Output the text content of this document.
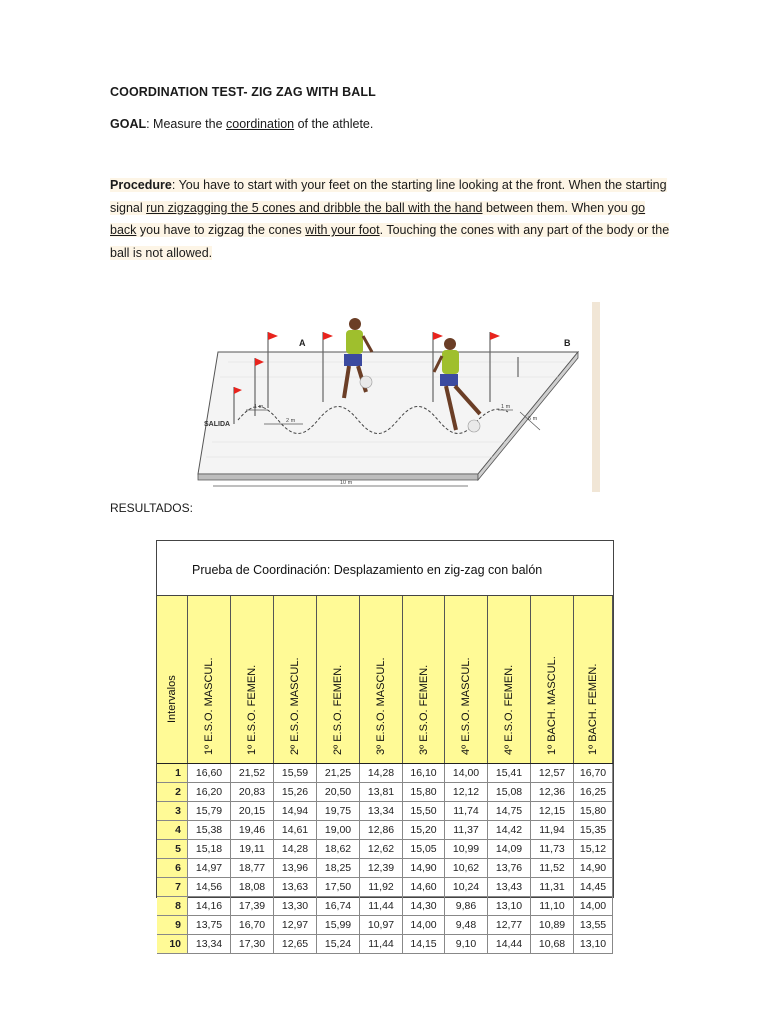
COORDINATION TEST- ZIG ZAG WITH BALL
GOAL: Measure the coordination of the athlete.
Procedure: You have to start with your feet on the starting line looking at the front. When the starting signal run zigzagging the 5 cones and dribble the ball with the hand between them. When you go back you have to zigzag the cones with your foot. Touching the cones with any part of the body or the ball is not allowed.
SALIDA
A	B
1 m
2 m
10 m
1 m
6 m
RESULTADOS:
Prueba de Coordinación: Desplazamiento en zig-zag con balón
Intervalos 1º E.S.O. MASCUL.	1º E.S.O. FEMEN.	2º E.S.O. MASCUL.	2º E.S.O. FEMEN.	3º E.S.O. MASCUL.	3º E.S.O. FEMEN.	4º E.S.O. MASCUL.	4º E.S.O. FEMEN.	1º BACH. MASCUL.	1º BACH. FEMEN.
1	16,60	21,52	15,59	21,25	14,28	16,10	14,00	15,41	12,57	16,70
2	16,20	20,83	15,26	20,50	13,81	15,80	12,12	15,08	12,36	16,25
3	15,79	20,15	14,94	19,75	13,34	15,50	11,74	14,75	12,15	15,80
4	15,38	19,46	14,61	19,00	12,86	15,20	11,37	14,42	11,94	15,35
5	15,18	19,11	14,28	18,62	12,62	15,05	10,99	14,09	11,73	15,12
6	14,97	18,77	13,96	18,25	12,39	14,90	10,62	13,76	11,52	14,90
7	14,56	18,08	13,63	17,50	11,92	14,60	10,24	13,43	11,31	14,45
8	14,16	17,39	13,30	16,74	11,44	14,30	9,86	13,10	11,10	14,00
9	13,75	16,70	12,97	15,99	10,97	14,00	9,48	12,77	10,89	13,55
10	13,34	17,30	12,65	15,24	11,44	14,15	9,10	14,44	10,68	13,10
